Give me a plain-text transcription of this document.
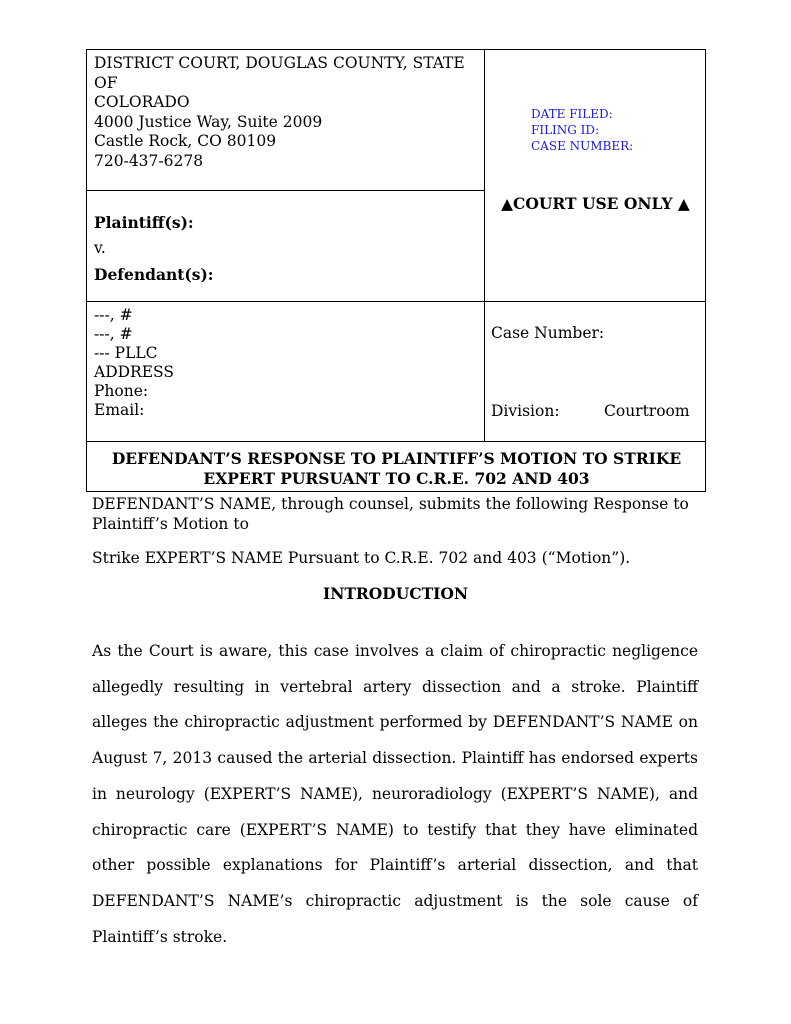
DISTRICT COURT, DOUGLAS COUNTY, STATE
OF
COLORADO
4000 Justice Way, Suite 2009
Castle Rock, CO 80109
720-437-6278
Plaintiff(s):
v.
Defendant(s):
DATE FILED:
FILING ID:
CASE NUMBER:
▲COURT USE ONLY ▲
---, #
---, #
--- PLLC
ADDRESS
Phone:
Email:
Case Number:
Division:	Courtroom
DEFENDANT’S RESPONSE TO PLAINTIFF’S MOTION TO STRIKE
EXPERT PURSUANT TO C.R.E. 702 AND 403
DEFENDANT’S NAME, through counsel, submits the following Response to
Plaintiff’s Motion to
Strike EXPERT’S NAME Pursuant to C.R.E. 702 and 403 (“Motion”).
INTRODUCTION
As the Court is aware, this case involves a claim of chiropractic negligence allegedly resulting in vertebral artery dissection and a stroke. Plaintiff alleges the chiropractic adjustment performed by DEFENDANT’S NAME on August 7, 2013 caused the arterial dissection. Plaintiff has endorsed experts in neurology (EXPERT’S NAME), neuroradiology (EXPERT’S NAME), and chiropractic care (EXPERT’S NAME) to testify that they have eliminated other possible explanations for Plaintiff’s arterial dissection, and that DEFENDANT’S NAME’s chiropractic adjustment is the sole cause of Plaintiff’s stroke.
